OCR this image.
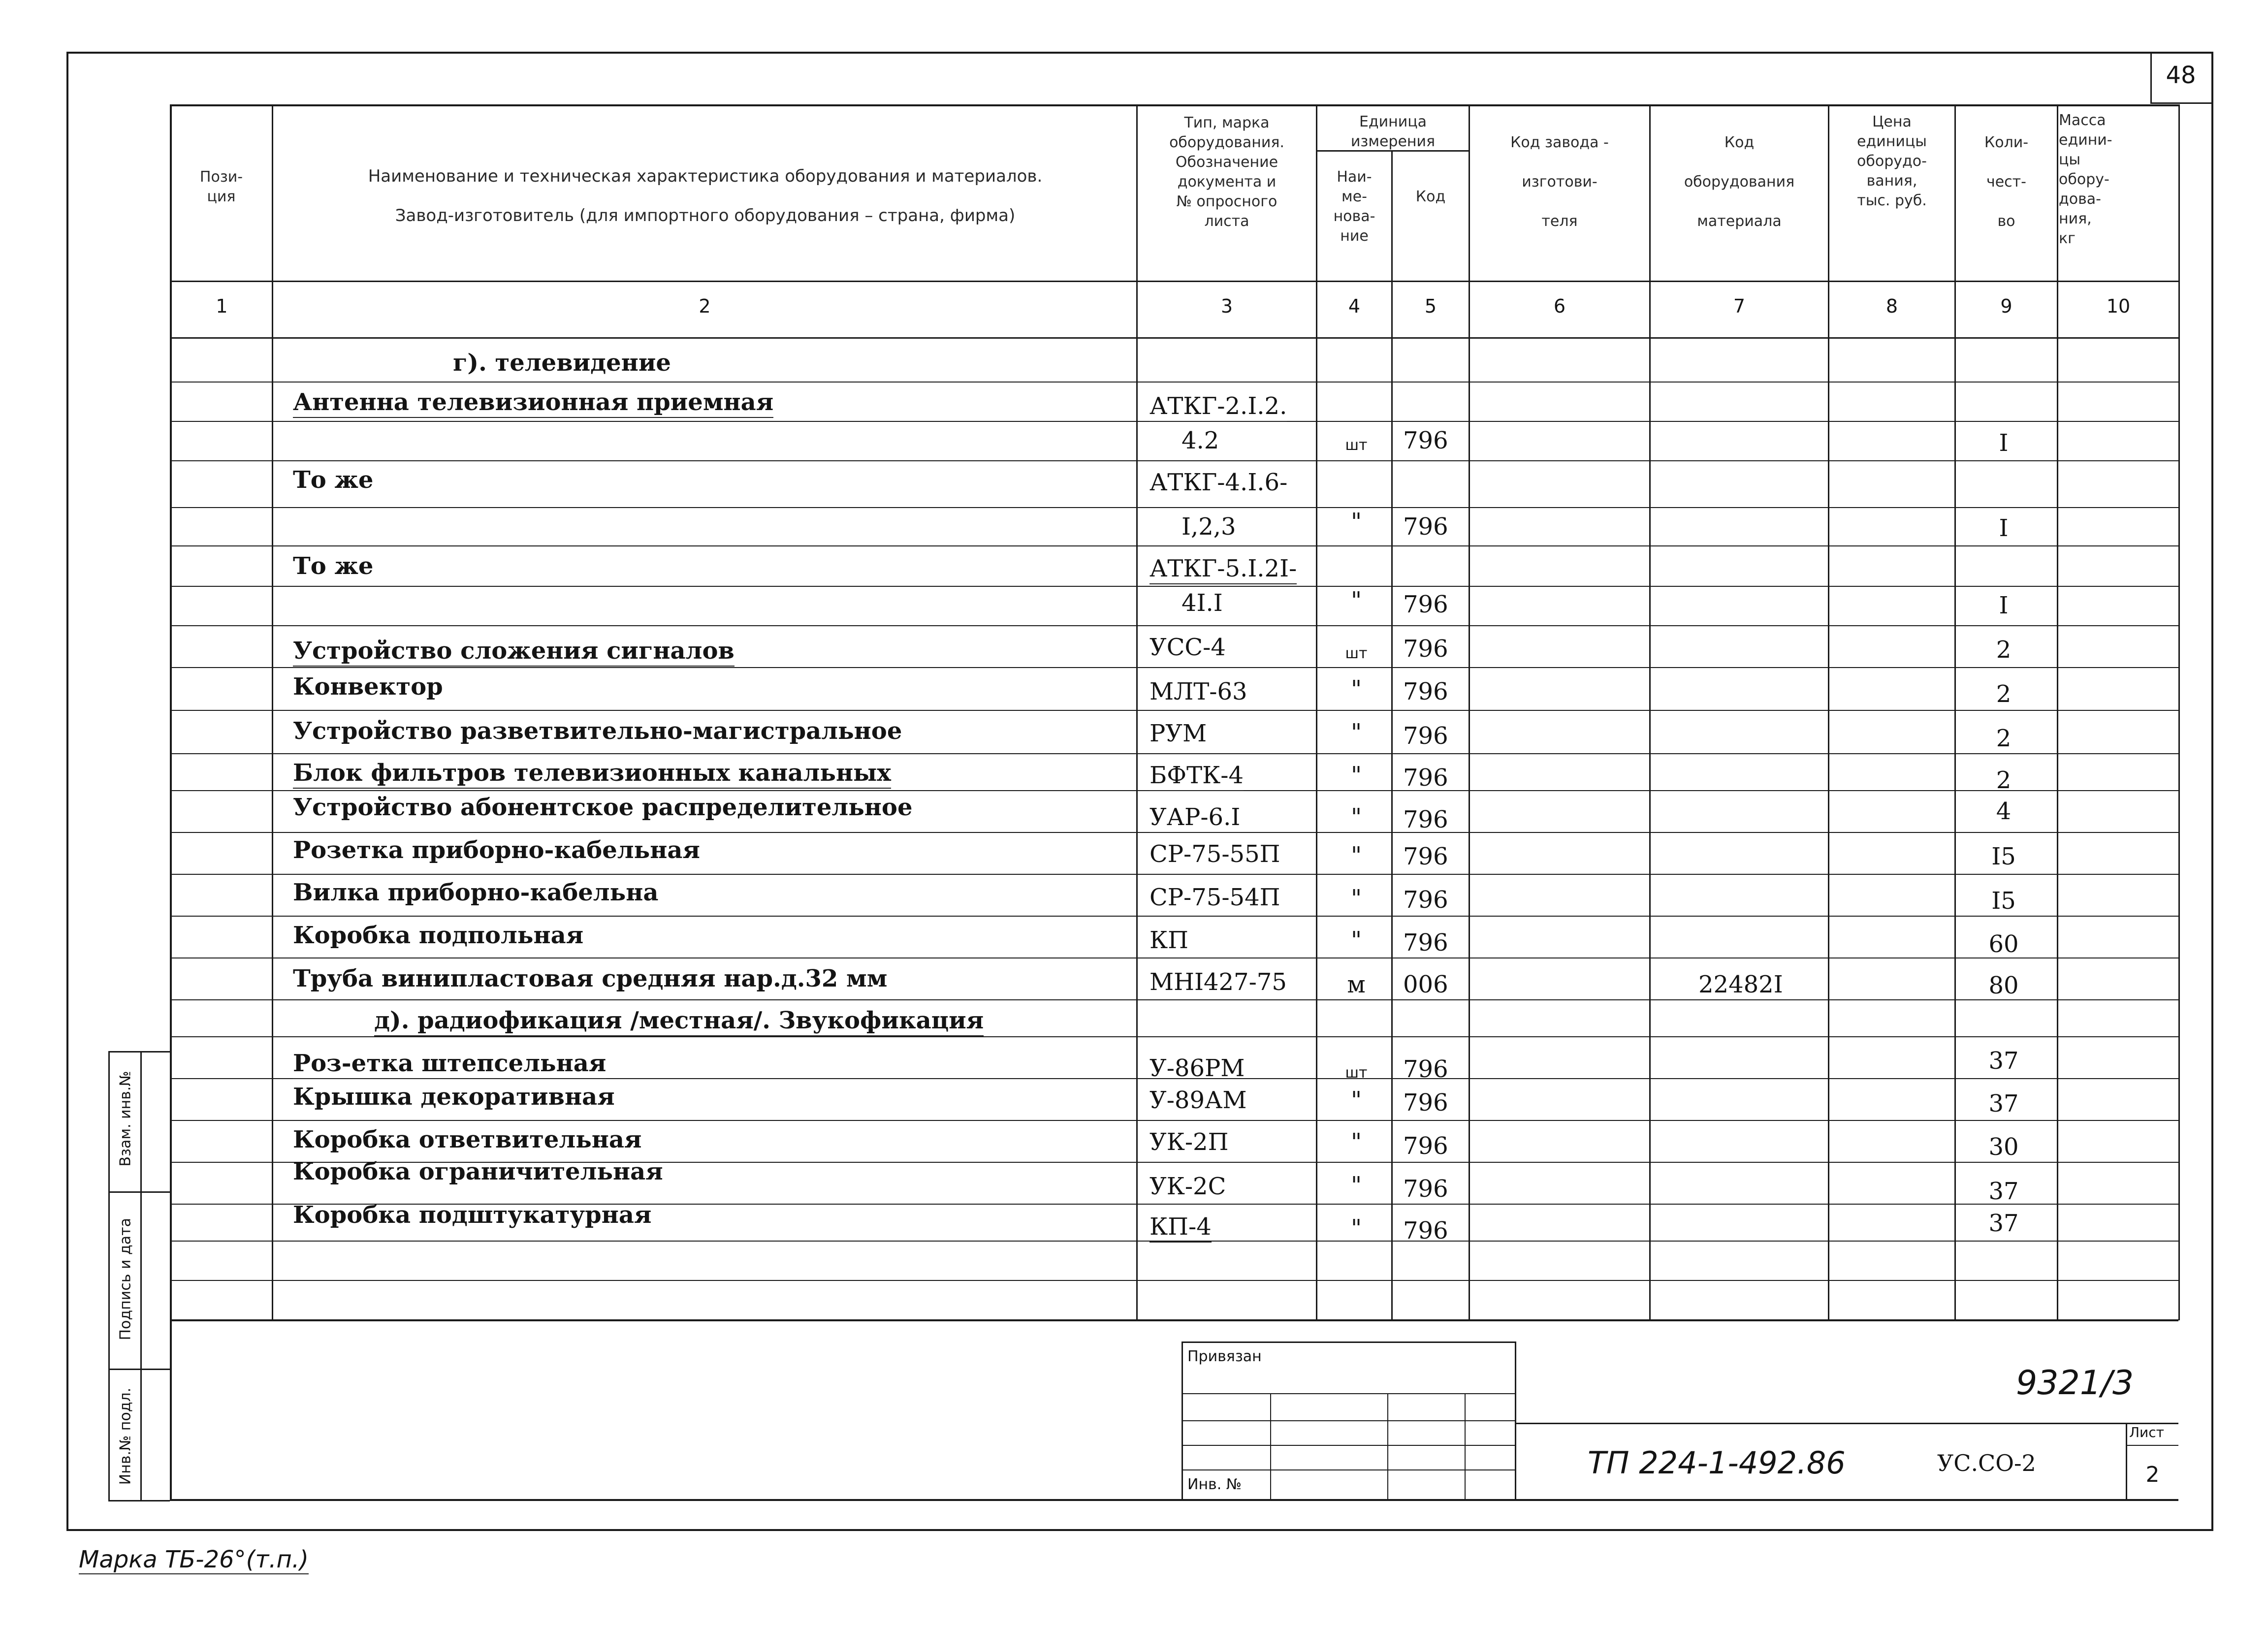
48
Пози-
ция
Наименование и техническая характеристика оборудования и материалов.

Завод-изготовитель (для импортного оборудования – страна, фирма)
Тип, марка
оборудования.
Обозначение
документа и
№ опросного
листа
Единица
измерения
Наи-
ме-
нова-
ние
Код
Код завода -

изготови-

теля
Код

оборудования

материала
Цена
единицы
оборудо-
вания,
тыс. руб.
Коли-

чест-

во
Масса
едини-
цы
обору-
дова-
ния,
кг
1	2	3	4	5	6	7	8	9	10
г). телевидение
Антенна телевизионная приемная	АТКГ-2.I.2.
4.2	шт	796	I
То же	АТКГ-4.I.6-
I,2,3	"	796	I
То же	АТКГ-5.I.2I-
4I.I	"	796	I
Устройство сложения сигналов	УСС-4	шт	796	2
Конвектор	МЛТ-63	"	796	2
Устройство разветвительно-магистральное	РУМ	"	796	2
Блок фильтров телевизионных канальных	БФТК-4	"	796	2
Устройство абонентское распределительное	УАР-6.I	"	796	4
Розетка приборно-кабельная	СР-75-55П	"	796	I5
Вилка приборно-кабельна	СР-75-54П	"	796	I5
Коробка подпольная	КП	"	796	60
Труба винипластовая средняя нар.д.32 мм	МНI427-75	м	006	22482I	80
д). радиофикация /местная/. Звукофикация
Роз-етка штепсельная	У-86РМ	шт	796	37
Крышка декоративная	У-89АМ	"	796	37
Коробка ответвительная	УК-2П	"	796	30
Коробка ограничительная
УК-2С	"	796	37
Коробка подштукатурная	КП-4	"	796	37
Взам. инв.№
Подпись и дата
Инв.№ подл.
Привязан
Инв. №
9321/3
ТП 224-1-492.86	УС.СО-2
Лист
2
Марка ТБ-26°(т.п.)
